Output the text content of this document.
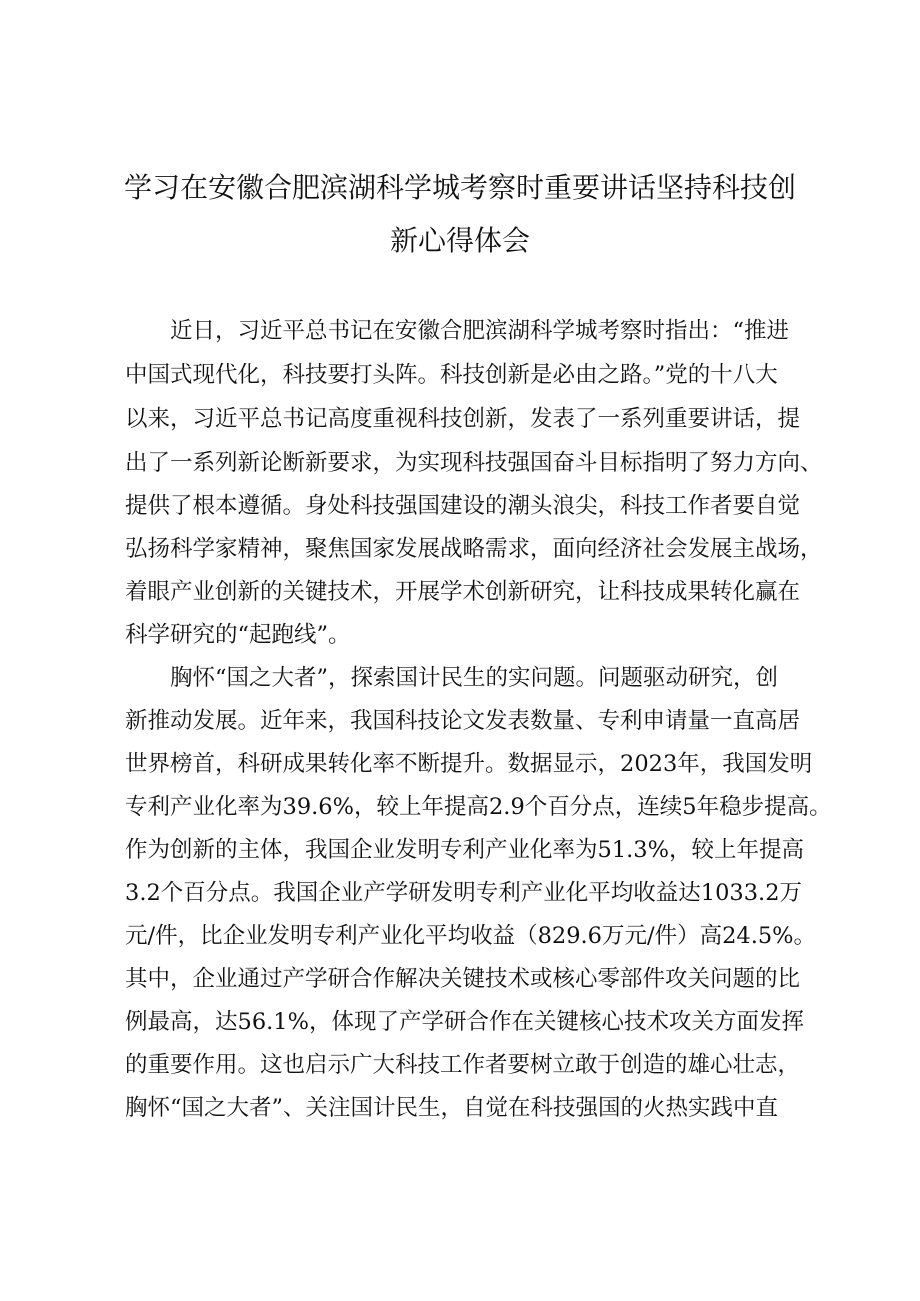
学习在安徽合肥滨湖科学城考察时重要讲话坚持科技创
新心得体会
近日，习近平总书记在安徽合肥滨湖科学城考察时指出：“推进
中国式现代化，科技要打头阵。科技创新是必由之路。”党的十八大
以来，习近平总书记高度重视科技创新，发表了一系列重要讲话，提
出了一系列新论断新要求，为实现科技强国奋斗目标指明了努力方向、
提供了根本遵循。身处科技强国建设的潮头浪尖，科技工作者要自觉
弘扬科学家精神，聚焦国家发展战略需求，面向经济社会发展主战场，
着眼产业创新的关键技术，开展学术创新研究，让科技成果转化赢在
科学研究的“起跑线”。
胸怀“国之大者”，探索国计民生的实问题。问题驱动研究，创
新推动发展。近年来，我国科技论文发表数量、专利申请量一直高居
世界榜首，科研成果转化率不断提升。数据显示，2023年，我国发明
专利产业化率为39.6%，较上年提高2.9个百分点，连续5年稳步提高。
作为创新的主体，我国企业发明专利产业化率为51.3%，较上年提高
3.2个百分点。我国企业产学研发明专利产业化平均收益达1033.2万
元/件，比企业发明专利产业化平均收益（829.6万元/件）高24.5%。
其中，企业通过产学研合作解决关键技术或核心零部件攻关问题的比
例最高，达56.1%，体现了产学研合作在关键核心技术攻关方面发挥
的重要作用。这也启示广大科技工作者要树立敢于创造的雄心壮志，
胸怀“国之大者”、关注国计民生，自觉在科技强国的火热实践中直
